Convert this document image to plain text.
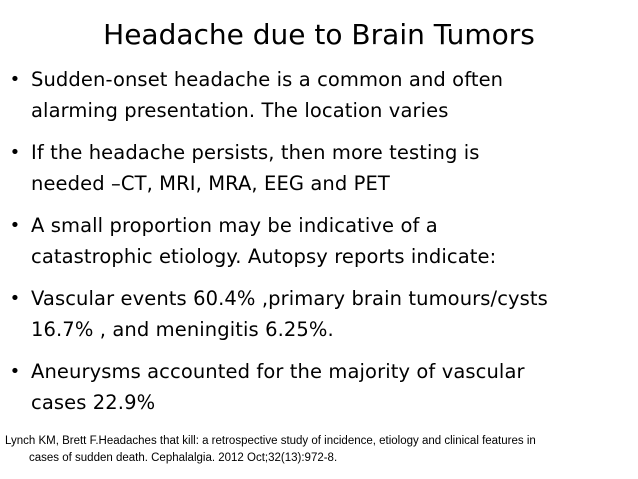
Headache due to Brain Tumors
• Sudden-onset headache is a common and often
alarming presentation. The location varies
• If the headache persists, then more testing is
needed –CT, MRI, MRA, EEG and PET
• A small proportion may be indicative of a
catastrophic etiology. Autopsy reports indicate:
• Vascular events 60.4% ,primary brain tumours/cysts
16.7% , and meningitis 6.25%.
• Aneurysms accounted for the majority of vascular
cases 22.9%
Lynch KM, Brett F.Headaches that kill: a retrospective study of incidence, etiology and clinical features in
cases of sudden death. Cephalalgia. 2012 Oct;32(13):972-8.
